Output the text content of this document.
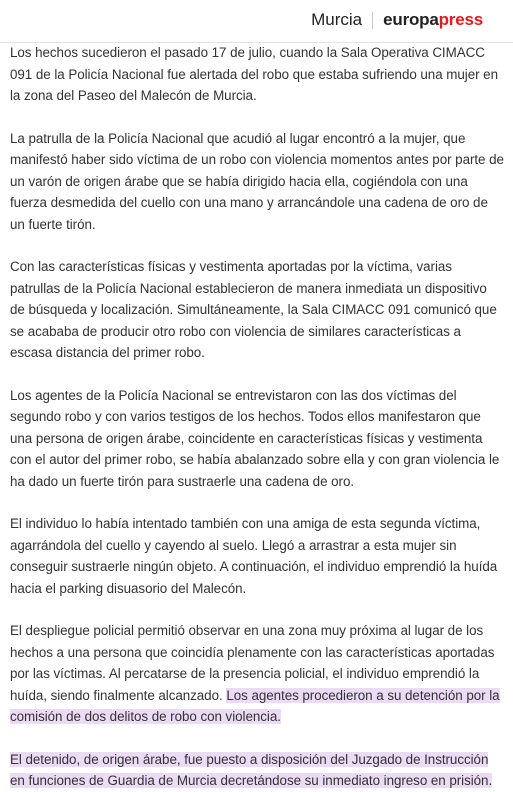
Murcia	europapress

Los hechos sucedieron el pasado 17 de julio, cuando la Sala Operativa CIMACC 091 de la Policía Nacional fue alertada del robo que estaba sufriendo una mujer en la zona del Paseo del Malecón de Murcia.

La patrulla de la Policía Nacional que acudió al lugar encontró a la mujer, que manifestó haber sido víctima de un robo con violencia momentos antes por parte de un varón de origen árabe que se había dirigido hacia ella, cogiéndola con una fuerza desmedida del cuello con una mano y arrancándole una cadena de oro de un fuerte tirón.

Con las características físicas y vestimenta aportadas por la víctima, varias patrullas de la Policía Nacional establecieron de manera inmediata un dispositivo de búsqueda y localización. Simultáneamente, la Sala CIMACC 091 comunicó que se acababa de producir otro robo con violencia de similares características a escasa distancia del primer robo.

Los agentes de la Policía Nacional se entrevistaron con las dos víctimas del segundo robo y con varios testigos de los hechos. Todos ellos manifestaron que una persona de origen árabe, coincidente en características físicas y vestimenta con el autor del primer robo, se había abalanzado sobre ella y con gran violencia le ha dado un fuerte tirón para sustraerle una cadena de oro.

El individuo lo había intentado también con una amiga de esta segunda víctima, agarrándola del cuello y cayendo al suelo. Llegó a arrastrar a esta mujer sin conseguir sustraerle ningún objeto. A continuación, el individuo emprendió la huída hacia el parking disuasorio del Malecón.

El despliegue policial permitió observar en una zona muy próxima al lugar de los hechos a una persona que coincidía plenamente con las características aportadas por las víctimas. Al percatarse de la presencia policial, el individuo emprendió la huída, siendo finalmente alcanzado. Los agentes procedieron a su detención por la comisión de dos delitos de robo con violencia.

El detenido, de origen árabe, fue puesto a disposición del Juzgado de Instrucción en funciones de Guardia de Murcia decretándose su inmediato ingreso en prisión.
